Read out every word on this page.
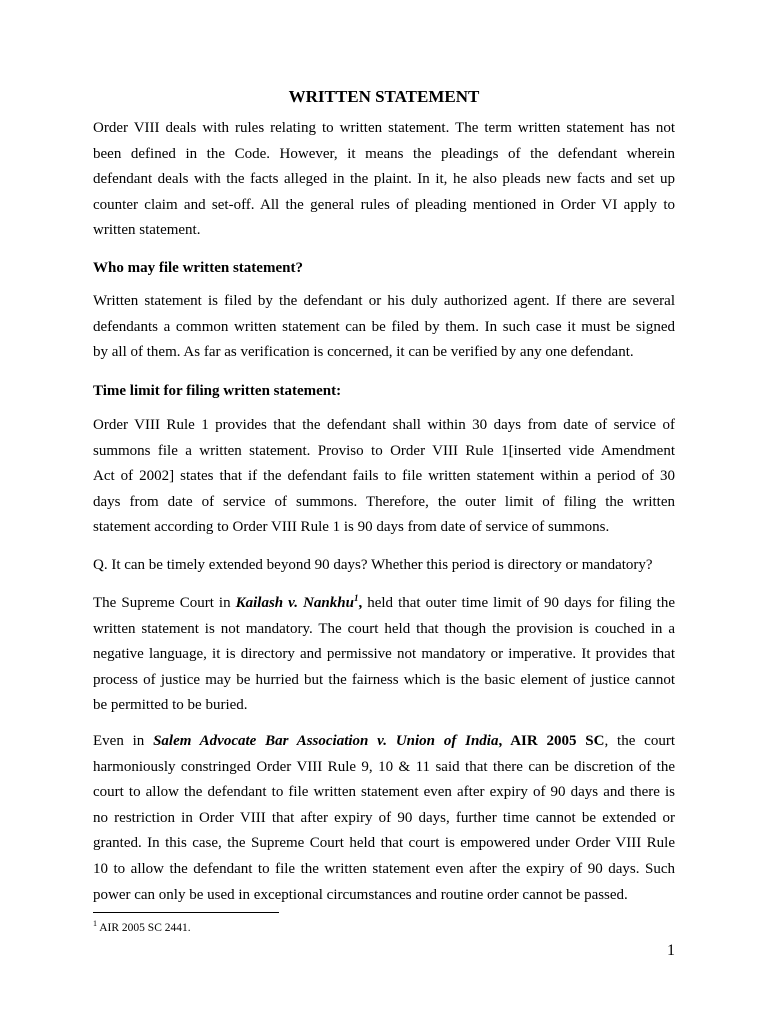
WRITTEN STATEMENT
Order VIII deals with rules relating to written statement. The term written statement has not
been defined in the Code. However, it means the pleadings of the defendant wherein
defendant deals with the facts alleged in the plaint. In it, he also pleads new facts and set up
counter claim and set-off. All the general rules of pleading mentioned in Order VI apply to
written statement.
Who may file written statement?
Written statement is filed by the defendant or his duly authorized agent. If there are several
defendants a common written statement can be filed by them. In such case it must be signed
by all of them. As far as verification is concerned, it can be verified by any one defendant.
Time limit for filing written statement:
Order VIII Rule 1 provides that the defendant shall within 30 days from date of service of
summons file a written statement. Proviso to Order VIII Rule 1[inserted vide Amendment
Act of 2002] states that if the defendant fails to file written statement within a period of 30
days from date of service of summons. Therefore, the outer limit of filing the written
statement according to Order VIII Rule 1 is 90 days from date of service of summons.
Q. It can be timely extended beyond 90 days? Whether this period is directory or mandatory?
The Supreme Court in Kailash v. Nankhu$^1$, held that outer time limit of 90 days for filing the
written statement is not mandatory. The court held that though the provision is couched in a
negative language, it is directory and permissive not mandatory or imperative. It provides that
process of justice may be hurried but the fairness which is the basic element of justice cannot
be permitted to be buried.
Even in Salem Advocate Bar Association v. Union of India, AIR 2005 SC, the court
harmoniously constringed Order VIII Rule 9, 10 & 11 said that there can be discretion of the
court to allow the defendant to file written statement even after expiry of 90 days and there is
no restriction in Order VIII that after expiry of 90 days, further time cannot be extended or
granted. In this case, the Supreme Court held that court is empowered under Order VIII Rule
10 to allow the defendant to file the written statement even after the expiry of 90 days. Such
power can only be used in exceptional circumstances and routine order cannot be passed.
$^1$ AIR 2005 SC 2441.
1
